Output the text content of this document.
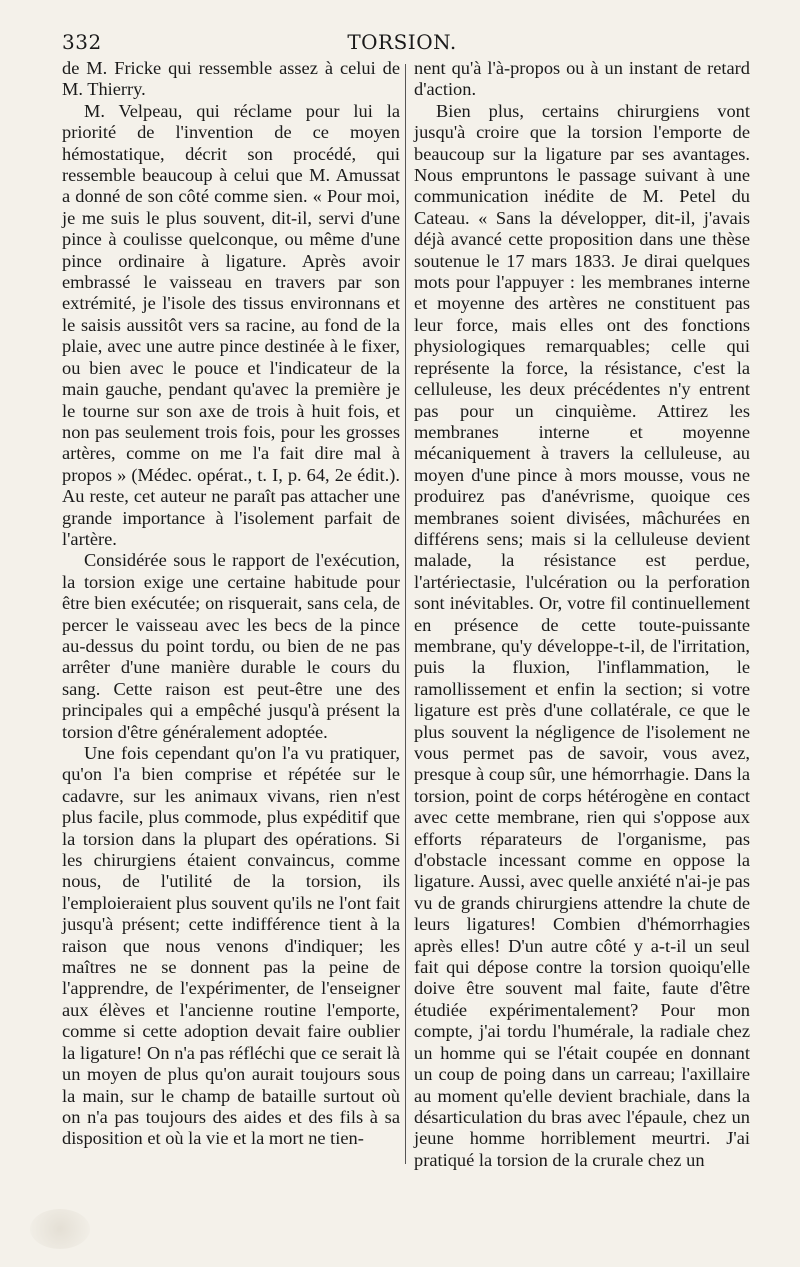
332	TORSION.

de M. Fricke qui ressemble assez à celui de M. Thierry.

M. Velpeau, qui réclame pour lui la priorité de l'invention de ce moyen hémostatique, décrit son procédé, qui ressemble beaucoup à celui que M. Amussat a donné de son côté comme sien. « Pour moi, je me suis le plus souvent, dit-il, servi d'une pince à coulisse quelconque, ou même d'une pince ordinaire à ligature. Après avoir embrassé le vaisseau en travers par son extrémité, je l'isole des tissus environnans et le saisis aussitôt vers sa racine, au fond de la plaie, avec une autre pince destinée à le fixer, ou bien avec le pouce et l'indicateur de la main gauche, pendant qu'avec la première je le tourne sur son axe de trois à huit fois, et non pas seulement trois fois, pour les grosses artères, comme on me l'a fait dire mal à propos » (Médec. opérat., t. I, p. 64, 2e édit.). Au reste, cet auteur ne paraît pas attacher une grande importance à l'isolement parfait de l'artère.

Considérée sous le rapport de l'exécution, la torsion exige une certaine habitude pour être bien exécutée; on risquerait, sans cela, de percer le vaisseau avec les becs de la pince au-dessus du point tordu, ou bien de ne pas arrêter d'une manière durable le cours du sang. Cette raison est peut-être une des principales qui a empêché jusqu'à présent la torsion d'être généralement adoptée.

Une fois cependant qu'on l'a vu pratiquer, qu'on l'a bien comprise et répétée sur le cadavre, sur les animaux vivans, rien n'est plus facile, plus commode, plus expéditif que la torsion dans la plupart des opérations. Si les chirurgiens étaient convaincus, comme nous, de l'utilité de la torsion, ils l'emploieraient plus souvent qu'ils ne l'ont fait jusqu'à présent; cette indifférence tient à la raison que nous venons d'indiquer; les maîtres ne se donnent pas la peine de l'apprendre, de l'expérimenter, de l'enseigner aux élèves et l'ancienne routine l'emporte, comme si cette adoption devait faire oublier la ligature! On n'a pas réfléchi que ce serait là un moyen de plus qu'on aurait toujours sous la main, sur le champ de bataille surtout où on n'a pas toujours des aides et des fils à sa disposition et où la vie et la mort ne tien-

nent qu'à l'à-propos ou à un instant de retard d'action.

Bien plus, certains chirurgiens vont jusqu'à croire que la torsion l'emporte de beaucoup sur la ligature par ses avantages. Nous empruntons le passage suivant à une communication inédite de M. Petel du Cateau. « Sans la développer, dit-il, j'avais déjà avancé cette proposition dans une thèse soutenue le 17 mars 1833. Je dirai quelques mots pour l'appuyer : les membranes interne et moyenne des artères ne constituent pas leur force, mais elles ont des fonctions physiologiques remarquables; celle qui représente la force, la résistance, c'est la celluleuse, les deux précédentes n'y entrent pas pour un cinquième. Attirez les membranes interne et moyenne mécaniquement à travers la celluleuse, au moyen d'une pince à mors mousse, vous ne produirez pas d'anévrisme, quoique ces membranes soient divisées, mâchurées en différens sens; mais si la celluleuse devient malade, la résistance est perdue, l'artériectasie, l'ulcération ou la perforation sont inévitables. Or, votre fil continuellement en présence de cette toute-puissante membrane, qu'y développe-t-il, de l'irritation, puis la fluxion, l'inflammation, le ramollissement et enfin la section; si votre ligature est près d'une collatérale, ce que le plus souvent la négligence de l'isolement ne vous permet pas de savoir, vous avez, presque à coup sûr, une hémorrhagie. Dans la torsion, point de corps hétérogène en contact avec cette membrane, rien qui s'oppose aux efforts réparateurs de l'organisme, pas d'obstacle incessant comme en oppose la ligature. Aussi, avec quelle anxiété n'ai-je pas vu de grands chirurgiens attendre la chute de leurs ligatures! Combien d'hémorrhagies après elles! D'un autre côté y a-t-il un seul fait qui dépose contre la torsion quoiqu'elle doive être souvent mal faite, faute d'être étudiée expérimentalement? Pour mon compte, j'ai tordu l'humérale, la radiale chez un homme qui se l'était coupée en donnant un coup de poing dans un carreau; l'axillaire au moment qu'elle devient brachiale, dans la désarticulation du bras avec l'épaule, chez un jeune homme horriblement meurtri. J'ai pratiqué la torsion de la crurale chez un
